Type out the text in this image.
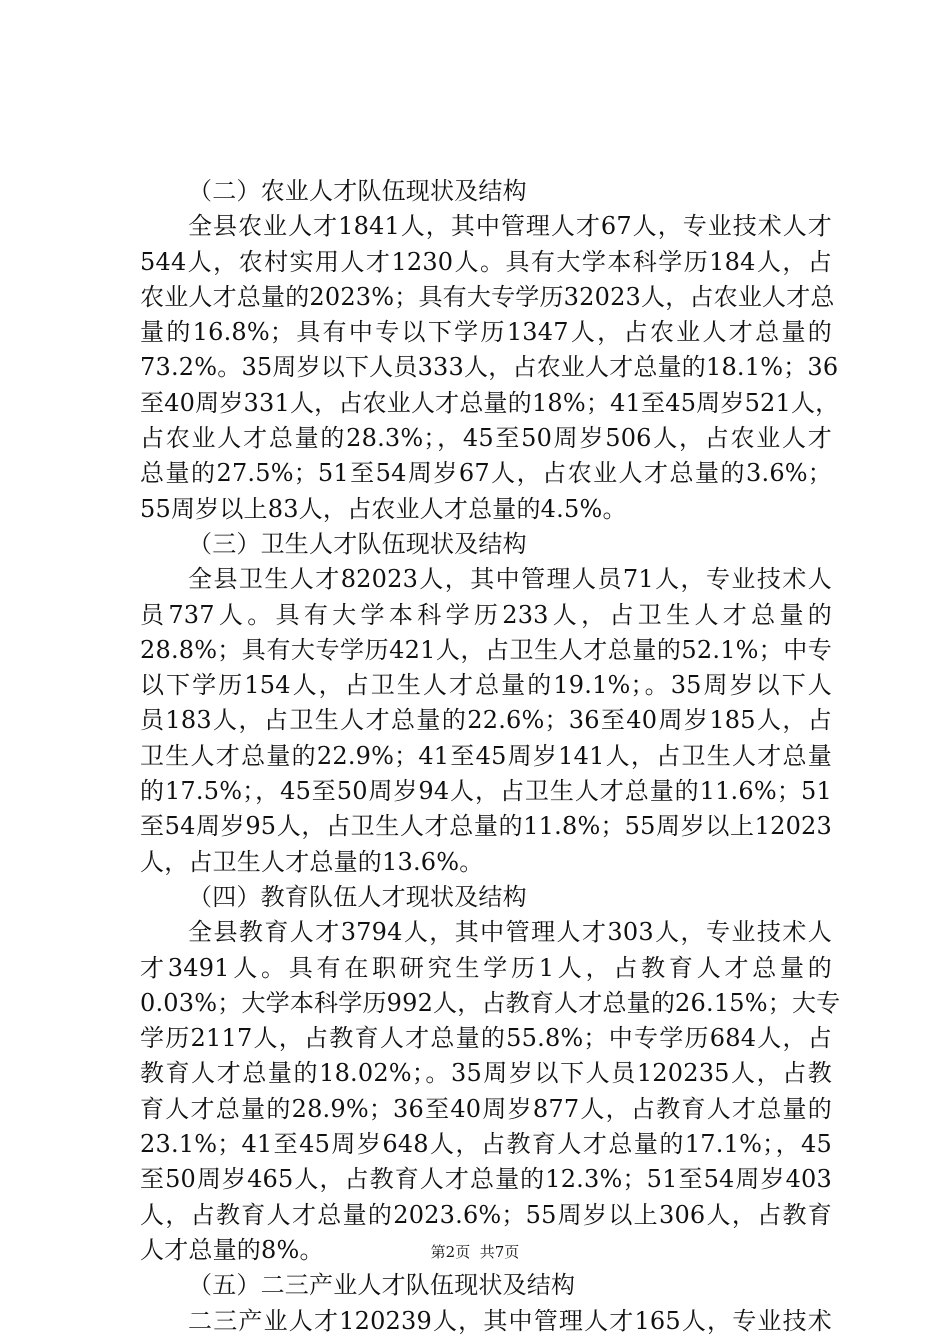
（二）农业人才队伍现状及结构
全县农业人才1841人，其中管理人才67人，专业技术人才
544人，农村实用人才1230人。具有大学本科学历184人，占
农业人才总量的2023%；具有大专学历32023人，占农业人才总
量的16.8%；具有中专以下学历1347人，占农业人才总量的
73.2%。35周岁以下人员333人，占农业人才总量的18.1%；36
至40周岁331人，占农业人才总量的18%；41至45周岁521人，
占农业人才总量的28.3%；，45至50周岁506人，占农业人才
总量的27.5%；51至54周岁67人，占农业人才总量的3.6%；
55周岁以上83人，占农业人才总量的4.5%。
（三）卫生人才队伍现状及结构
全县卫生人才82023人，其中管理人员71人，专业技术人
员737人。具有大学本科学历233人，占卫生人才总量的
28.8%；具有大专学历421人，占卫生人才总量的52.1%；中专
以下学历154人，占卫生人才总量的19.1%；。35周岁以下人
员183人，占卫生人才总量的22.6%；36至40周岁185人，占
卫生人才总量的22.9%；41至45周岁141人，占卫生人才总量
的17.5%；，45至50周岁94人，占卫生人才总量的11.6%；51
至54周岁95人，占卫生人才总量的11.8%；55周岁以上12023
人，占卫生人才总量的13.6%。
（四）教育队伍人才现状及结构
全县教育人才3794人，其中管理人才303人，专业技术人
才3491人。具有在职研究生学历1人，占教育人才总量的
0.03%；大学本科学历992人，占教育人才总量的26.15%；大专
学历2117人，占教育人才总量的55.8%；中专学历684人，占
教育人才总量的18.02%；。35周岁以下人员120235人，占教
育人才总量的28.9%；36至40周岁877人，占教育人才总量的
23.1%；41至45周岁648人，占教育人才总量的17.1%；，45
至50周岁465人，占教育人才总量的12.3%；51至54周岁403
人，占教育人才总量的2023.6%；55周岁以上306人，占教育
人才总量的8%。
（五）二三产业人才队伍现状及结构
二三产业人才120239人，其中管理人才165人，专业技术
第2页 共7页
